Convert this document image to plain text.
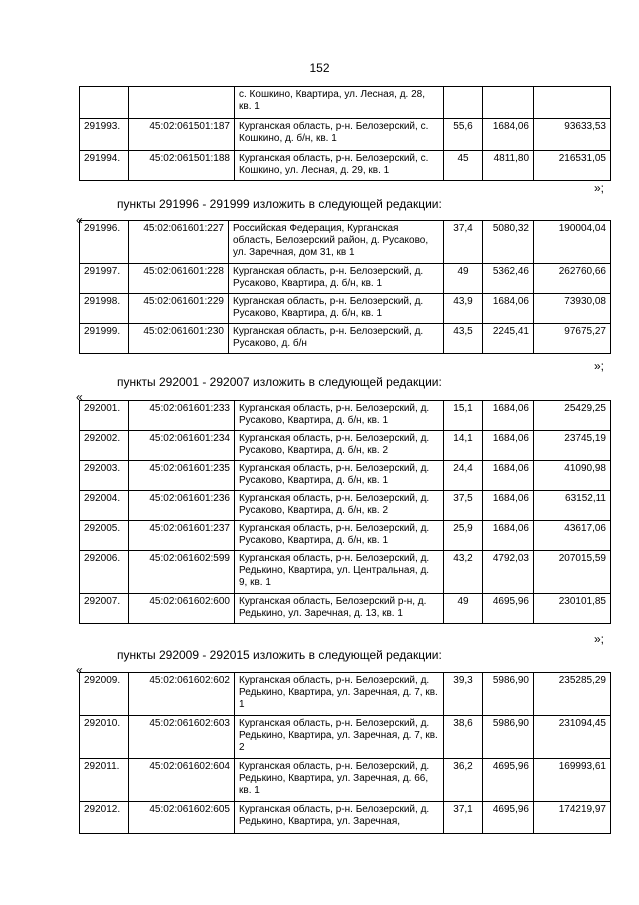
152
		с. Кошкино, Квартира, ул. Лесная, д. 28, кв. 1			
291993.	45:02:061501:187	Курганская область, р-н. Белозерский, с. Кошкино, д. б/н, кв. 1	55,6	1684,06	93633,53
291994.	45:02:061501:188	Курганская область, р-н. Белозерский, с. Кошкино, ул. Лесная, д. 29, кв. 1	45	4811,80	216531,05
»;
пункты 291996 - 291999 изложить в следующей редакции:
«
291996.	45:02:061601:227	Российская Федерация, Курганская область, Белозерский район, д. Русаково, ул. Заречная, дом 31, кв 1	37,4	5080,32	190004,04
291997.	45:02:061601:228	Курганская область, р-н. Белозерский, д. Русаково, Квартира, д. б/н, кв. 1	49	5362,46	262760,66
291998.	45:02:061601:229	Курганская область, р-н. Белозерский, д. Русаково, Квартира, д. б/н, кв. 1	43,9	1684,06	73930,08
291999.	45:02:061601:230	Курганская область, р-н. Белозерский, д. Русаково, д. б/н	43,5	2245,41	97675,27
»;
пункты 292001 - 292007 изложить в следующей редакции:
«
292001.	45:02:061601:233	Курганская область, р-н. Белозерский, д. Русаково, Квартира, д. б/н, кв. 1	15,1	1684,06	25429,25
292002.	45:02:061601:234	Курганская область, р-н. Белозерский, д. Русаково, Квартира, д. б/н, кв. 2	14,1	1684,06	23745,19
292003.	45:02:061601:235	Курганская область, р-н. Белозерский, д. Русаково, Квартира, д. б/н, кв. 1	24,4	1684,06	41090,98
292004.	45:02:061601:236	Курганская область, р-н. Белозерский, д. Русаково, Квартира, д. б/н, кв. 2	37,5	1684,06	63152,11
292005.	45:02:061601:237	Курганская область, р-н. Белозерский, д. Русаково, Квартира, д. б/н, кв. 1	25,9	1684,06	43617,06
292006.	45:02:061602:599	Курганская область, р-н. Белозерский, д. Редькино, Квартира, ул. Центральная, д. 9, кв. 1	43,2	4792,03	207015,59
292007.	45:02:061602:600	Курганская область, Белозерский р-н, д. Редькино, ул. Заречная, д. 13, кв. 1	49	4695,96	230101,85
»;
пункты 292009 - 292015 изложить в следующей редакции:
«
292009.	45:02:061602:602	Курганская область, р-н. Белозерский, д. Редькино, Квартира, ул. Заречная, д. 7, кв. 1	39,3	5986,90	235285,29
292010.	45:02:061602:603	Курганская область, р-н. Белозерский, д. Редькино, Квартира, ул. Заречная, д. 7, кв. 2	38,6	5986,90	231094,45
292011.	45:02:061602:604	Курганская область, р-н. Белозерский, д. Редькино, Квартира, ул. Заречная, д. 66, кв. 1	36,2	4695,96	169993,61
292012.	45:02:061602:605	Курганская область, р-н. Белозерский, д. Редькино, Квартира, ул. Заречная,	37,1	4695,96	174219,97
